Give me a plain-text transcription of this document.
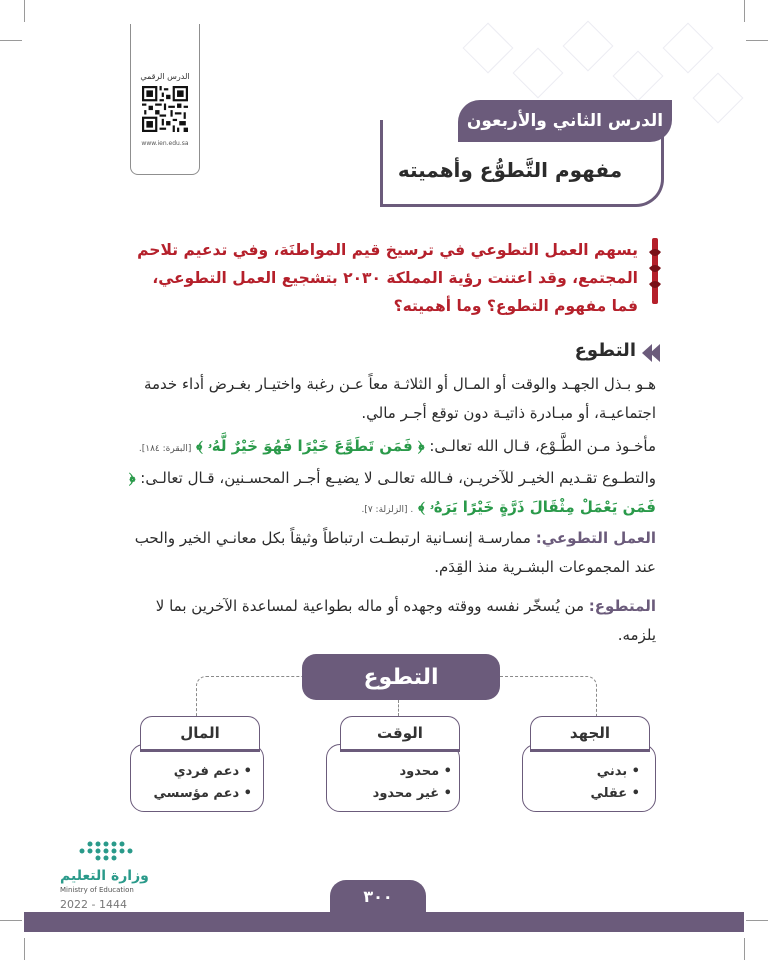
الدرس الرقمي
www.ien.edu.sa
الدرس الثاني والأربعون
مفهوم التَّطوُّع وأهميته
يسهم العمل التطوعي في ترسيخ قيم المواطنَة، وفي تدعيم تلاحم المجتمع، وقد اعتنت رؤية المملكة ٢٠٣٠ بتشجيع العمل التطوعي، فما مفهوم التطوع؟ وما أهميته؟
التطوع
هـو بـذل الجهـد والوقت أو المـال أو الثلاثـة معاً عـن رغبة واختيـار بغـرض أداء خدمة اجتماعيـة، أو مبـادرة ذاتيـة دون توقع أجـر مالي.
مأخـوذ مـن الطَّـوْع، قـال الله تعالـى: ﴿ فَمَن تَطَوَّعَ خَيْرًا فَهُوَ خَيْرٌ لَّهُۥ ﴾ [البقرة: ١٨٤]. والتطـوع تقـديم الخيـر للآخريـن، فـالله تعالـى لا يضيـع أجـر المحسـنين، قـال تعالـى: ﴿ فَمَن يَعْمَلْ مِثْقَالَ ذَرَّةٍ خَيْرًا يَرَهُۥ ﴾ . [الزلزلة: ٧].
العمل التطوعي: ممارسـة إنسـانية ارتبطـت ارتباطاً وثيقاً بكل معانـي الخير والحب عند المجموعات البشـرية منذ القِدَم.
المتطوع: من يُسخّر نفسه ووقته وجهده أو ماله بطواعية لمساعدة الآخرين بما لا يلزمه.
التطوع
الجهد
• بدني
• عقلي
الوقت
• محدود
• غير محدود
المال
• دعم فردي
• دعم مؤسسي
وزارة التعليم
Ministry of Education
2022 - 1444	٣٠٠
